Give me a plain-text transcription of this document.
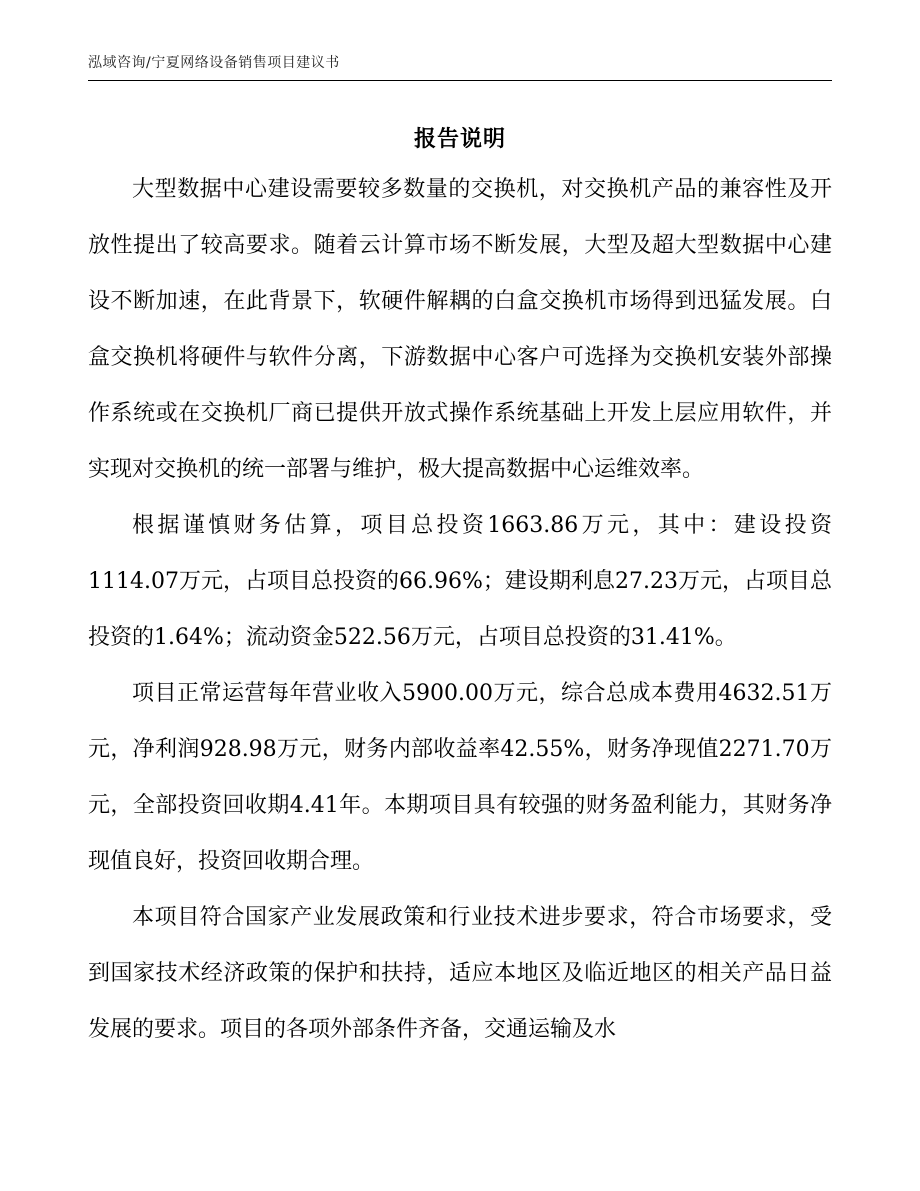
泓域咨询/宁夏网络设备销售项目建议书
报告说明

大型数据中心建设需要较多数量的交换机，对交换机产品的兼容性及开放性提出了较高要求。随着云计算市场不断发展，大型及超大型数据中心建设不断加速，在此背景下，软硬件解耦的白盒交换机市场得到迅猛发展。白盒交换机将硬件与软件分离，下游数据中心客户可选择为交换机安装外部操作系统或在交换机厂商已提供开放式操作系统基础上开发上层应用软件，并实现对交换机的统一部署与维护，极大提高数据中心运维效率。

根据谨慎财务估算，项目总投资1663.86万元，其中：建设投资1114.07万元，占项目总投资的66.96%；建设期利息27.23万元，占项目总投资的1.64%；流动资金522.56万元，占项目总投资的31.41%。

项目正常运营每年营业收入5900.00万元，综合总成本费用4632.51万元，净利润928.98万元，财务内部收益率42.55%，财务净现值2271.70万元，全部投资回收期4.41年。本期项目具有较强的财务盈利能力，其财务净现值良好，投资回收期合理。

本项目符合国家产业发展政策和行业技术进步要求，符合市场要求，受到国家技术经济政策的保护和扶持，适应本地区及临近地区的相关产品日益发展的要求。项目的各项外部条件齐备，交通运输及水
